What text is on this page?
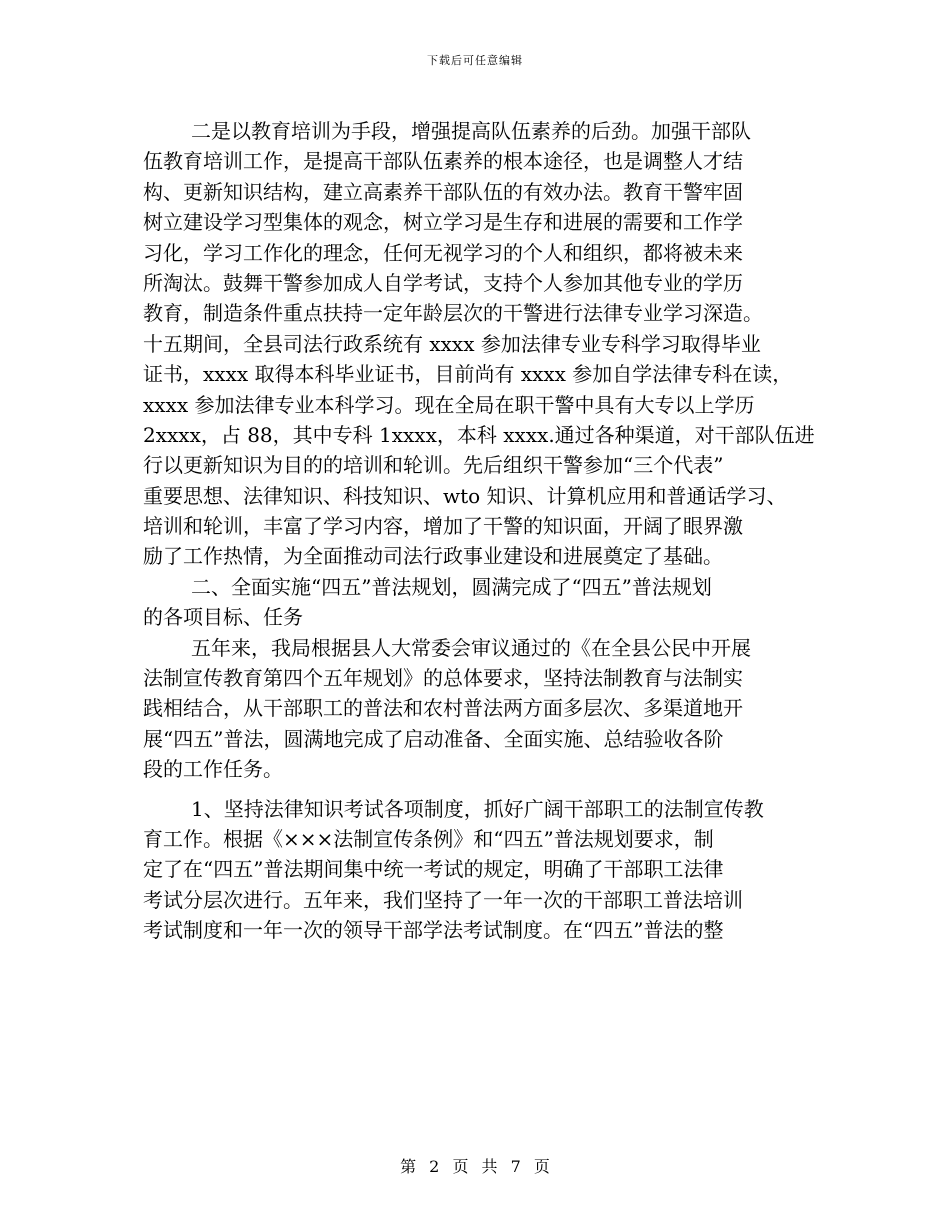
下载后可任意编辑
二是以教育培训为手段，增强提高队伍素养的后劲。加强干部队
伍教育培训工作，是提高干部队伍素养的根本途径，也是调整人才结
构、更新知识结构，建立高素养干部队伍的有效办法。教育干警牢固
树立建设学习型集体的观念，树立学习是生存和进展的需要和工作学
习化，学习工作化的理念，任何无视学习的个人和组织，都将被未来
所淘汰。鼓舞干警参加成人自学考试，支持个人参加其他专业的学历
教育，制造条件重点扶持一定年龄层次的干警进行法律专业学习深造。
十五期间，全县司法行政系统有 xxxx 参加法律专业专科学习取得毕业
证书，xxxx 取得本科毕业证书，目前尚有 xxxx 参加自学法律专科在读，
xxxx 参加法律专业本科学习。现在全局在职干警中具有大专以上学历
2xxxx，占 88，其中专科 1xxxx，本科 xxxx.通过各种渠道，对干部队伍进
行以更新知识为目的的培训和轮训。先后组织干警参加“三个代表”
重要思想、法律知识、科技知识、wto 知识、计算机应用和普通话学习、
培训和轮训，丰富了学习内容，增加了干警的知识面，开阔了眼界激
励了工作热情，为全面推动司法行政事业建设和进展奠定了基础。
二、全面实施“四五”普法规划，圆满完成了“四五”普法规划
的各项目标、任务
五年来，我局根据县人大常委会审议通过的《在全县公民中开展
法制宣传教育第四个五年规划》的总体要求，坚持法制教育与法制实
践相结合，从干部职工的普法和农村普法两方面多层次、多渠道地开
展“四五”普法，圆满地完成了启动准备、全面实施、总结验收各阶
段的工作任务。
1、坚持法律知识考试各项制度，抓好广阔干部职工的法制宣传教
育工作。根据《×××法制宣传条例》和“四五”普法规划要求，制
定了在“四五”普法期间集中统一考试的规定，明确了干部职工法律
考试分层次进行。五年来，我们坚持了一年一次的干部职工普法培训
考试制度和一年一次的领导干部学法考试制度。在“四五”普法的整
第 2 页 共 7 页
